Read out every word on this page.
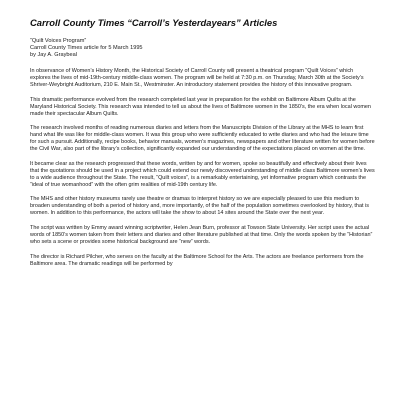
Carroll County Times “Carroll’s Yesterdayears” Articles

“Quilt Voices Program”

Carroll County Times article for 5 March 1995

by Jay A. Graybeal

In observance of Women’s History Month, the Historical Society of Carroll County will present a theatrical program “Quilt Voices” which explores the lives of mid-19th-century middle-class women. The program will be held at 7:30 p.m. on Thursday, March 30th at the Society’s Shriver-Weybright Auditorium, 210 E. Main St., Westminster. An introductory statement provides the history of this innovative program.

This dramatic performance evolved from the research completed last year in preparation for the exhibit on Baltimore Album Quilts at the Maryland Historical Society. This research was intended to tell us about the lives of Baltimore women in the 1850’s, the era when local women made their spectacular Album Quilts.

The research involved months of reading numerous diaries and letters from the Manuscripts Division of the Library at the MHS to learn first hand what life was like for middle-class women. It was this group who were sufficiently educated to write diaries and who had the leisure time for such a pursuit. Additionally, recipe books, behavior manuals, women’s magazines, newspapers and other literature written for women before the Civil War, also part of the library’s collection, significantly expanded our understanding of the expectations placed on women at the time.

It became clear as the research progressed that these words, written by and for women, spoke so beautifully and effectively about their lives that the quotations should be used in a project which could extend our newly discovered understanding of middle class Baltimore women’s lives to a wide audience throughout the State. The result, “Quilt voices”, is a remarkably entertaining, yet informative program which contrasts the “ideal of true womanhood” with the often grim realities of mid-19th century life.

The MHS and other history museums rarely use theatre or dramas to interpret history so we are especially pleased to use this medium to broaden understanding of both a period of history and, more importantly, of the half of the population sometimes overlooked by history, that is women. In addition to this performance, the actors will take the show to about 14 sites around the State over the next year.

The script was written by Emmy award winning scriptwriter, Helen Jean Burn, professor at Towson State University. Her script uses the actual words of 1850’s women taken from their letters and diaries and other literature published at that time. Only the words spoken by the “Historian” who sets a scene or provides some historical background are “new” words.

The director is Richard Pilcher, who serves on the faculty at the Baltimore School for the Arts. The actors are freelance performers from the Baltimore area. The dramatic readings will be performed by
